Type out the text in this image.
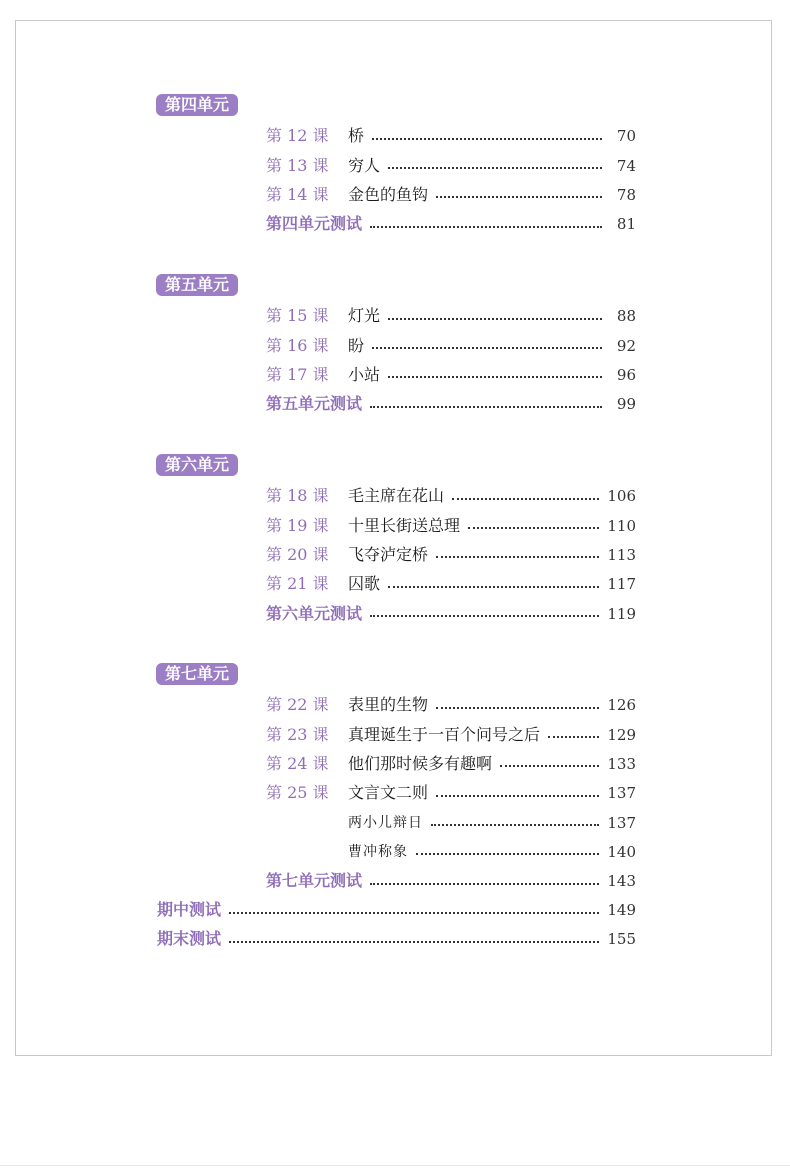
第四单元
第 12 课	桥	70
第 13 课	穷人	74
第 14 课	金色的鱼钩	78
第四单元测试	81
第五单元
第 15 课	灯光	88
第 16 课	盼	92
第 17 课	小站	96
第五单元测试	99
第六单元
第 18 课	毛主席在花山	106
第 19 课	十里长街送总理	110
第 20 课	飞夺泸定桥	113
第 21 课	囚歌	117
第六单元测试	119
第七单元
第 22 课	表里的生物	126
第 23 课	真理诞生于一百个问号之后	129
第 24 课	他们那时候多有趣啊	133
第 25 课	文言文二则	137
两小儿辩日	137
曹冲称象	140
第七单元测试	143
期中测试	149
期末测试	155
